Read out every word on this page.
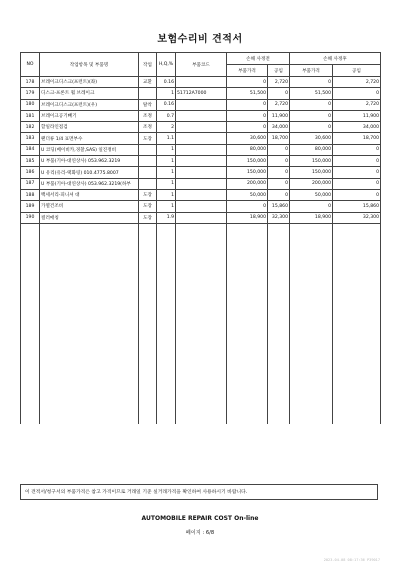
보험수리비 견적서
NO	작업항목 및 부품명	작업	H,Q,%	부품코드	손해 사정전		손해 사정후	
					부품가격	공임	부품가격	공임
178	브레이크디스크(프런트)(좌)	교환	0.16		0	2,720	0	2,720
179	디스크-프론트 휠 브레이크		1	51712A7000	51,500	0	51,500	0
180	브레이크디스크(프런트)(우)	탈착	0.16		0	2,720	0	2,720
181	브레이크공기빼기	조정	0.7		0	11,900	0	11,900
182	할일라인점검	조정	2		0	34,000	0	34,000
183	팬더류 1/4 표면부수	도장	1.1		30,600	18,700	30,600	18,700
184	U 코딩(베이비카,경찰,SAS) 일진정비		1		80,000	0	80,000	0
185	U 부품(기아-대연상사) 053.962.3219		1		150,000	0	150,000	0
186	U 유리(유리-택화링) 010.4775.8007		1		150,000	0	150,000	0
187	U 부품(기아-대연상사) 053.962.3219(하부		1		200,000	0	200,000	0
188	백세서리-피니셔 대	도장	1		50,000	0	50,000	0
189	가열건조비	도장	1		0	15,860	0	15,860
190	컬러매칭	도장	1.9		18,900	32,300	18,900	32,300

이 견적서/청구서의 부품가격은 참고 가격이므로 거래일 기준 실거래가격을 확인하여 사용하시기 바랍니다.
AUTOMOBILE REPAIR COST On-line
페이지 : 6/8
2023-04-08 08:17:36 P39017
